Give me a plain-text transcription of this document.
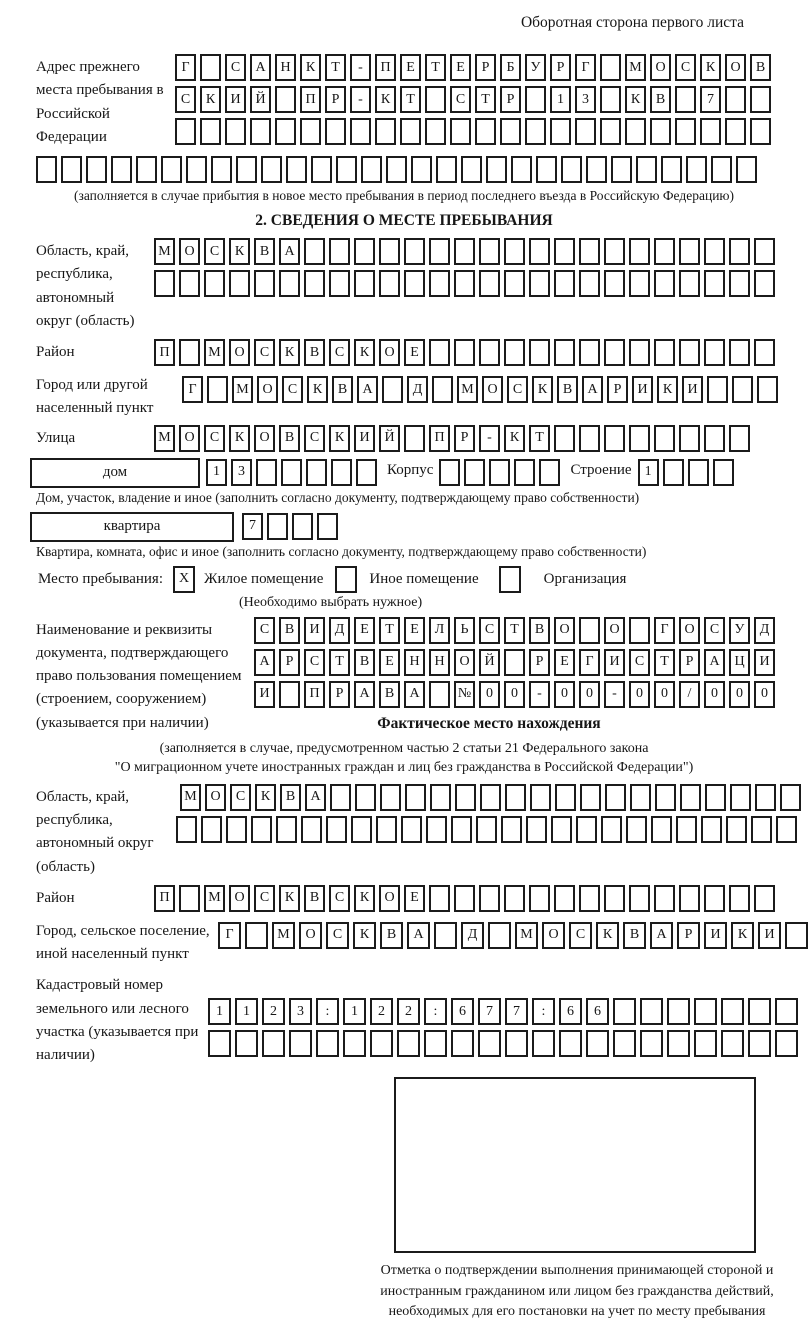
Оборотная сторона первого листа
Адрес прежнего места пребывания в Российской Федерации
Г	С	А	Н	К	Т	-	П	Е	Т	Е	Р	Б	У	Р	Г	М О	С	К	О	В
С	К	И	Й	П	Р	-	К	Т	С	Т	Р	1	3	К	В	7
(заполняется в случае прибытия в новое место пребывания в период последнего въезда в Российскую Федерацию)
2. СВЕДЕНИЯ О МЕСТЕ ПРЕБЫВАНИЯ
Область, край, республика, автономный округ (область)
М О	С	К	В	А
Район	П	М О	С	К	В	С	К	О	Е
Город или другой населенный пункт
Г	М О	С	К	В	А	Д	М О	С	К	В	А	Р	И	К	И
Улица	М О	С	К	О	В	С	К	И	Й	П	Р	-	К	Т
дом	1	3	Корпус	Строение 1
Дом, участок, владение и иное (заполнить согласно документу, подтверждающему право собственности)
квартира	7
Квартира, комната, офис и иное (заполнить согласно документу, подтверждающему право собственности)
Место пребывания:	X Жилое помещение	Иное помещение	Организация
(Необходимо выбрать нужное)
Наименование и реквизиты документа, подтверждающего право пользования помещением (строением, сооружением) (указывается при наличии)
С	В	И	Д	Е	Т	Е	Л	Ь	С	Т	В	О	О	Г	О	С	У	Д
А	Р	С	Т	В	Е	Н	Н	О	Й	Р	Е	Г	И	С	Т	Р	А	Ц	И
И	П	Р	А	В	А	№	0	0	-	0	0	-	0	0	/	0	0	0
Фактическое место нахождения
(заполняется в случае, предусмотренном частью 2 статьи 21 Федерального закона
"О миграционном учете иностранных граждан и лиц без гражданства в Российской Федерации")
Область, край, республика, автономный округ (область)
М О	С	К	В	А
Район	П	М О	С	К	В	С	К	О	Е
Город, сельское поселение, иной населенный пункт
Г	М	О	С	К	В	А	Д	М	О	С	К	В	А	Р	И	К	И
Кадастровый номер земельного или лесного участка (указывается при наличии)
1	1	2	3	:	1	2	2	:	6	7	7	:	6	6
Отметка о подтверждении выполнения принимающей стороной и иностранным гражданином или лицом без гражданства действий, необходимых для его постановки на учет по месту пребывания
